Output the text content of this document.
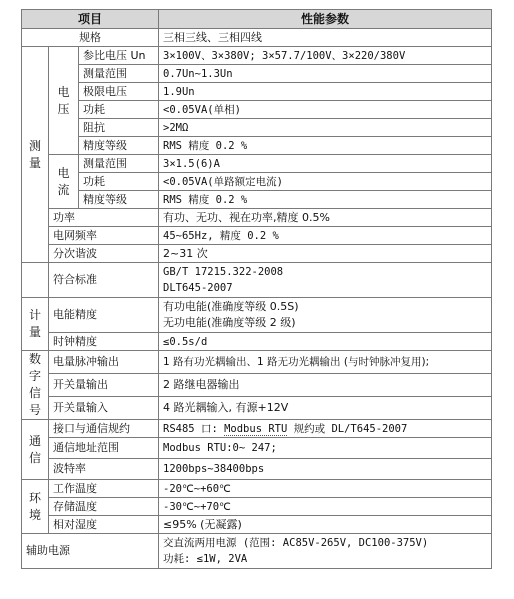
项目			性能参数
规格			三相三线、三相四线
测量	电压	参比电压 Un	3×100V、3×380V; 3×57.7/100V、3×220/380V
		测量范围	0.7Un~1.3Un
		极限电压	1.9Un
		功耗	<0.05VA(单相)
		阻抗	>2MΩ
		精度等级	RMS 精度 0.2 %
	电流	测量范围	3×1.5(6)A
		功耗	<0.05VA(单路额定电流)
		精度等级	RMS 精度 0.2 %
	功率		有功、无功、视在功率,精度 0.5%
	电网频率		45~65Hz, 精度 0.2 %
	分次谐波		2~31 次
	符合标准		GB/T 17215.322-2008
DLT645-2007

计量	电能精度		有功电能(准确度等级 0.5S)
无功电能(准确度等级 2 级)

	时钟精度		≤0.5s/d
数字信号	电量脉冲输出		1 路有功光耦输出、1 路无功光耦输出 (与时钟脉冲复用);
	开关量输出		2 路继电器输出
	开关量输入		4 路光耦输入, 有源+12V
通信	接口与通信规约		RS485 口: Modbus RTU 规约或 DL/T645-2007
	通信地址范围		Modbus RTU:0~ 247;
	波特率		1200bps~38400bps
环境	工作温度		-20℃~+60℃
	存储温度		-30℃~+70℃
	相对湿度		≤95% (无凝露)
辅助电源			交直流两用电源 (范围: AC85V-265V, DC100-375V)
功耗: ≤1W, 2VA
